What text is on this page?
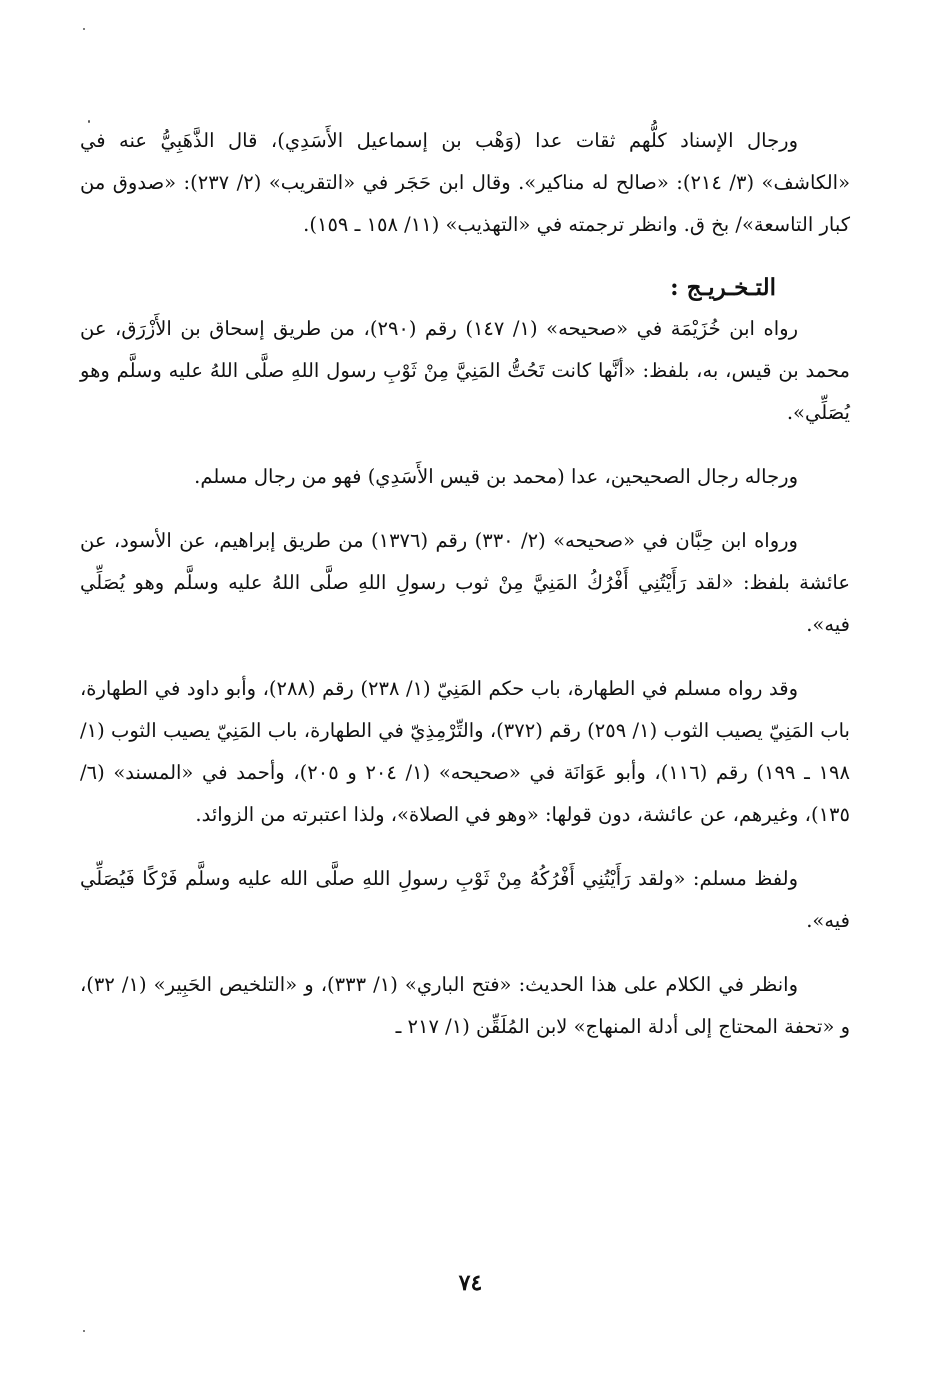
ورجال الإسناد كلُّهم ثقات عدا (وَهْب بن إسماعيل الأَسَدِي)، قال الذَّهَبِيُّ عنه في «الكاشف» (٣/ ٢١٤): «صالح له مناكير». وقال ابن حَجَر في «التقريب» (٢/ ٢٣٧): «صدوق من كبار التاسعة»/ بخ ق. وانظر ترجمته في «التهذيب» (١١/ ١٥٨ ـ ١٥٩).

التـخـريـج :

رواه ابن خُزَيْمَة في «صحيحه» (١/ ١٤٧) رقم (٢٩٠)، من طريق إسحاق بن الأَزْرَق، عن محمد بن قيس، به، بلفظ: «أنَّها كانت تَحُتُّ المَنِيَّ مِنْ ثَوْبِ رسول اللهِ صلَّى اللهُ عليه وسلَّم وهو يُصَلِّي».

ورجاله رجال الصحيحين، عدا (محمد بن قيس الأَسَدِي) فهو من رجال مسلم.

ورواه ابن حِبَّان في «صحيحه» (٢/ ٣٣٠) رقم (١٣٧٦) من طريق إبراهيم، عن الأسود، عن عائشة بلفظ: «لقد رَأَيْتُنِي أَفْرُكُ المَنِيَّ مِنْ ثوب رسولِ اللهِ صلَّى اللهُ عليه وسلَّم وهو يُصَلِّي فيه».

وقد رواه مسلم في الطهارة، باب حكم المَنِيّ (١/ ٢٣٨) رقم (٢٨٨)، وأبو داود في الطهارة، باب المَنِيّ يصيب الثوب (١/ ٢٥٩) رقم (٣٧٢)، والتِّرْمِذِيّ في الطهارة، باب المَنِيّ يصيب الثوب (١/ ١٩٨ ـ ١٩٩) رقم (١١٦)، وأبو عَوَانَة في «صحيحه» (١/ ٢٠٤ و ٢٠٥)، وأحمد في «المسند» (٦/ ١٣٥)، وغيرهم، عن عائشة، دون قولها: «وهو في الصلاة»، ولذا اعتبرته من الزوائد.

ولفظ مسلم: «ولقد رَأَيْتُنِي أَفْرُكُهُ مِنْ ثَوْبِ رسولِ اللهِ صلَّى الله عليه وسلَّم فَرْكًا فَيُصَلِّي فيه».

وانظر في الكلام على هذا الحديث: «فتح الباري» (١/ ٣٣٣)، و «التلخيص الحَبِير» (١/ ٣٢)، و «تحفة المحتاج إلى أدلة المنهاج» لابن المُلَقِّن (١/ ٢١٧ ـ

٧٤
